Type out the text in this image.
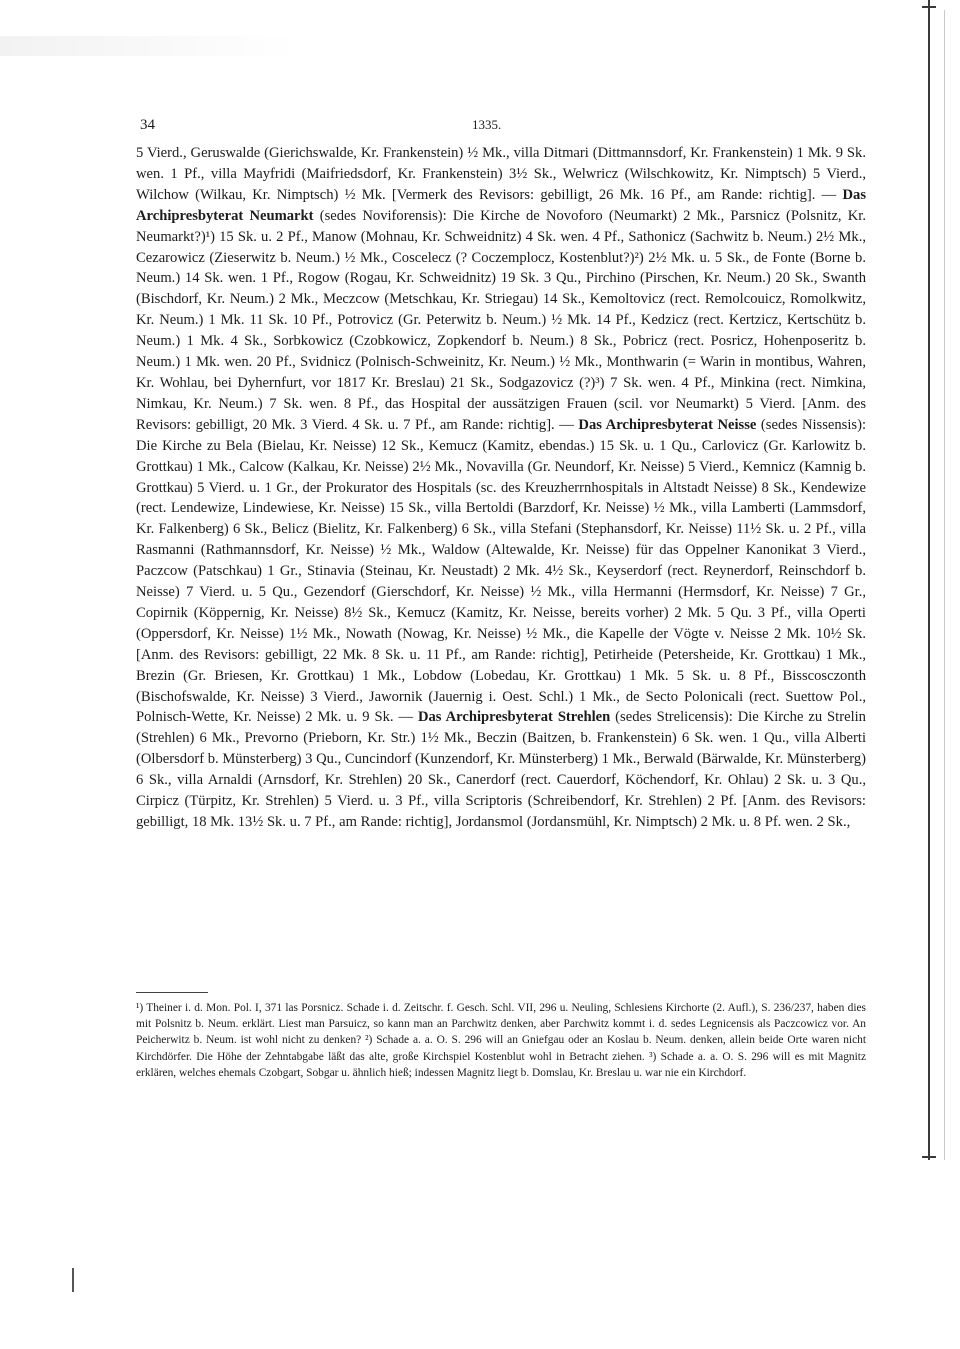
34	1335.

5 Vierd., Geruswalde (Gierichswalde, Kr. Frankenstein) ½ Mk., villa Ditmari (Dittmannsdorf, Kr. Frankenstein) 1 Mk. 9 Sk. wen. 1 Pf., villa Mayfridi (Maifriedsdorf, Kr. Frankenstein) 3½ Sk., Welwricz (Wilschkowitz, Kr. Nimptsch) 5 Vierd., Wilchow (Wilkau, Kr. Nimptsch) ½ Mk. [Vermerk des Revisors: gebilligt, 26 Mk. 16 Pf., am Rande: richtig]. — Das Archipresbyterat Neumarkt (sedes Noviforensis): Die Kirche de Novoforo (Neumarkt) 2 Mk., Parsnicz (Polsnitz, Kr. Neumarkt?)¹) 15 Sk. u. 2 Pf., Manow (Mohnau, Kr. Schweidnitz) 4 Sk. wen. 4 Pf., Sathonicz (Sachwitz b. Neum.) 2½ Mk., Cezarowicz (Zieserwitz b. Neum.) ½ Mk., Coscelecz (? Coczemplocz, Kostenblut?)²) 2½ Mk. u. 5 Sk., de Fonte (Borne b. Neum.) 14 Sk. wen. 1 Pf., Rogow (Rogau, Kr. Schweidnitz) 19 Sk. 3 Qu., Pirchino (Pirschen, Kr. Neum.) 20 Sk., Swanth (Bischdorf, Kr. Neum.) 2 Mk., Meczcow (Metschkau, Kr. Striegau) 14 Sk., Kemoltovicz (rect. Remolcouicz, Romolkwitz, Kr. Neum.) 1 Mk. 11 Sk. 10 Pf., Potrovicz (Gr. Peterwitz b. Neum.) ½ Mk. 14 Pf., Kedzicz (rect. Kertzicz, Kertschütz b. Neum.) 1 Mk. 4 Sk., Sorbkowicz (Czobkowicz, Zopkendorf b. Neum.) 8 Sk., Pobricz (rect. Posricz, Hohenposeritz b. Neum.) 1 Mk. wen. 20 Pf., Svidnicz (Polnisch-Schweinitz, Kr. Neum.) ½ Mk., Monthwarin (= Warin in montibus, Wahren, Kr. Wohlau, bei Dyhernfurt, vor 1817 Kr. Breslau) 21 Sk., Sodgazovicz (?)³) 7 Sk. wen. 4 Pf., Minkina (rect. Nimkina, Nimkau, Kr. Neum.) 7 Sk. wen. 8 Pf., das Hospital der aussätzigen Frauen (scil. vor Neumarkt) 5 Vierd. [Anm. des Revisors: gebilligt, 20 Mk. 3 Vierd. 4 Sk. u. 7 Pf., am Rande: richtig]. — Das Archipresbyterat Neisse (sedes Nissensis): Die Kirche zu Bela (Bielau, Kr. Neisse) 12 Sk., Kemucz (Kamitz, ebendas.) 15 Sk. u. 1 Qu., Carlovicz (Gr. Karlowitz b. Grottkau) 1 Mk., Calcow (Kalkau, Kr. Neisse) 2½ Mk., Novavilla (Gr. Neundorf, Kr. Neisse) 5 Vierd., Kemnicz (Kamnig b. Grottkau) 5 Vierd. u. 1 Gr., der Prokurator des Hospitals (sc. des Kreuzherrnhospitals in Altstadt Neisse) 8 Sk., Kendewize (rect. Lendewize, Lindewiese, Kr. Neisse) 15 Sk., villa Bertoldi (Barzdorf, Kr. Neisse) ½ Mk., villa Lamberti (Lammsdorf, Kr. Falkenberg) 6 Sk., Belicz (Bielitz, Kr. Falkenberg) 6 Sk., villa Stefani (Stephansdorf, Kr. Neisse) 11½ Sk. u. 2 Pf., villa Rasmanni (Rathmannsdorf, Kr. Neisse) ½ Mk., Waldow (Altewalde, Kr. Neisse) für das Oppelner Kanonikat 3 Vierd., Paczcow (Patschkau) 1 Gr., Stinavia (Steinau, Kr. Neustadt) 2 Mk. 4½ Sk., Keyserdorf (rect. Reynerdorf, Reinschdorf b. Neisse) 7 Vierd. u. 5 Qu., Gezendorf (Gierschdorf, Kr. Neisse) ½ Mk., villa Hermanni (Hermsdorf, Kr. Neisse) 7 Gr., Copirnik (Köppernig, Kr. Neisse) 8½ Sk., Kemucz (Kamitz, Kr. Neisse, bereits vorher) 2 Mk. 5 Qu. 3 Pf., villa Operti (Oppersdorf, Kr. Neisse) 1½ Mk., Nowath (Nowag, Kr. Neisse) ½ Mk., die Kapelle der Vögte v. Neisse 2 Mk. 10½ Sk. [Anm. des Revisors: gebilligt, 22 Mk. 8 Sk. u. 11 Pf., am Rande: richtig], Petirheide (Petersheide, Kr. Grottkau) 1 Mk., Brezin (Gr. Briesen, Kr. Grottkau) 1 Mk., Lobdow (Lobedau, Kr. Grottkau) 1 Mk. 5 Sk. u. 8 Pf., Bisscosczonth (Bischofswalde, Kr. Neisse) 3 Vierd., Jawornik (Jauernig i. Oest. Schl.) 1 Mk., de Secto Polonicali (rect. Suettow Pol., Polnisch-Wette, Kr. Neisse) 2 Mk. u. 9 Sk. — Das Archipresbyterat Strehlen (sedes Strelicensis): Die Kirche zu Strelin (Strehlen) 6 Mk., Prevorno (Prieborn, Kr. Str.) 1½ Mk., Beczin (Baitzen, b. Frankenstein) 6 Sk. wen. 1 Qu., villa Alberti (Olbersdorf b. Münsterberg) 3 Qu., Cuncindorf (Kunzendorf, Kr. Münsterberg) 1 Mk., Berwald (Bärwalde, Kr. Münsterberg) 6 Sk., villa Arnaldi (Arnsdorf, Kr. Strehlen) 20 Sk., Canerdorf (rect. Cauerdorf, Köchendorf, Kr. Ohlau) 2 Sk. u. 3 Qu., Cirpicz (Türpitz, Kr. Strehlen) 5 Vierd. u. 3 Pf., villa Scriptoris (Schreibendorf, Kr. Strehlen) 2 Pf. [Anm. des Revisors: gebilligt, 18 Mk. 13½ Sk. u. 7 Pf., am Rande: richtig], Jordansmol (Jordansmühl, Kr. Nimptsch) 2 Mk. u. 8 Pf. wen. 2 Sk.,

¹) Theiner i. d. Mon. Pol. I, 371 las Porsnicz. Schade i. d. Zeitschr. f. Gesch. Schl. VII, 296 u. Neuling, Schlesiens Kirchorte (2. Aufl.), S. 236/237, haben dies mit Polsnitz b. Neum. erklärt. Liest man Parsuicz, so kann man an Parchwitz denken, aber Parchwitz kommt i. d. sedes Legnicensis als Paczcowicz vor. An Peicherwitz b. Neum. ist wohl nicht zu denken? ²) Schade a. a. O. S. 296 will an Gniefgau oder an Koslau b. Neum. denken, allein beide Orte waren nicht Kirchdörfer. Die Höhe der Zehntabgabe läßt das alte, große Kirchspiel Kostenblut wohl in Betracht ziehen. ³) Schade a. a. O. S. 296 will es mit Magnitz erklären, welches ehemals Czobgart, Sobgar u. ähnlich hieß; indessen Magnitz liegt b. Domslau, Kr. Breslau u. war nie ein Kirchdorf.
